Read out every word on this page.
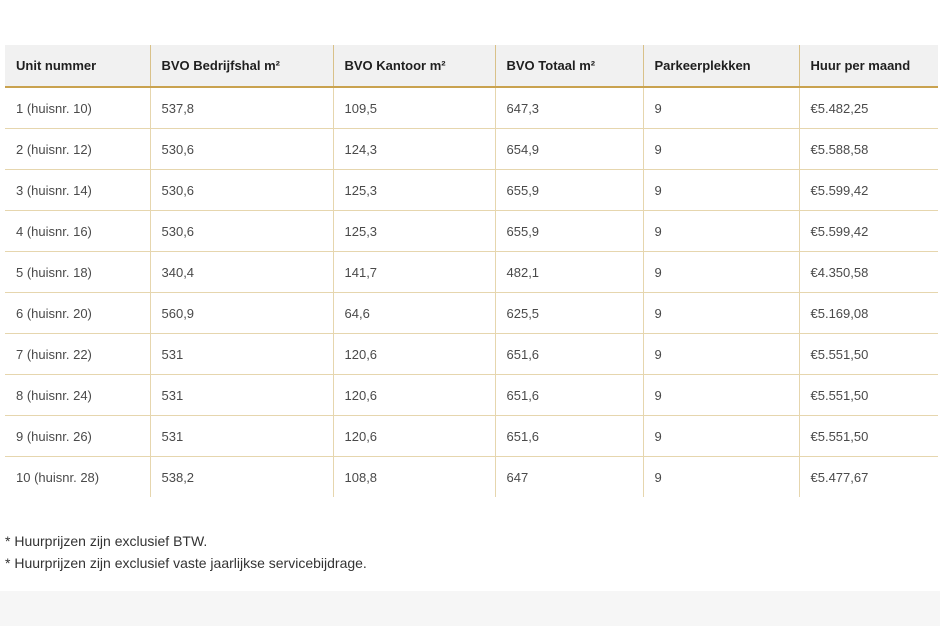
Unit nummer	BVO Bedrijfshal m²	BVO Kantoor m²	BVO Totaal m²	Parkeerplekken	Huur per maand
1 (huisnr. 10)	537,8	109,5	647,3	9	€5.482,25
2 (huisnr. 12)	530,6	124,3	654,9	9	€5.588,58
3 (huisnr. 14)	530,6	125,3	655,9	9	€5.599,42
4 (huisnr. 16)	530,6	125,3	655,9	9	€5.599,42
5 (huisnr. 18)	340,4	141,7	482,1	9	€4.350,58
6 (huisnr. 20)	560,9	64,6	625,5	9	€5.169,08
7 (huisnr. 22)	531	120,6	651,6	9	€5.551,50
8 (huisnr. 24)	531	120,6	651,6	9	€5.551,50
9 (huisnr. 26)	531	120,6	651,6	9	€5.551,50
10 (huisnr. 28)	538,2	108,8	647	9	€5.477,67
* Huurprijzen zijn exclusief BTW.
* Huurprijzen zijn exclusief vaste jaarlijkse servicebijdrage.
